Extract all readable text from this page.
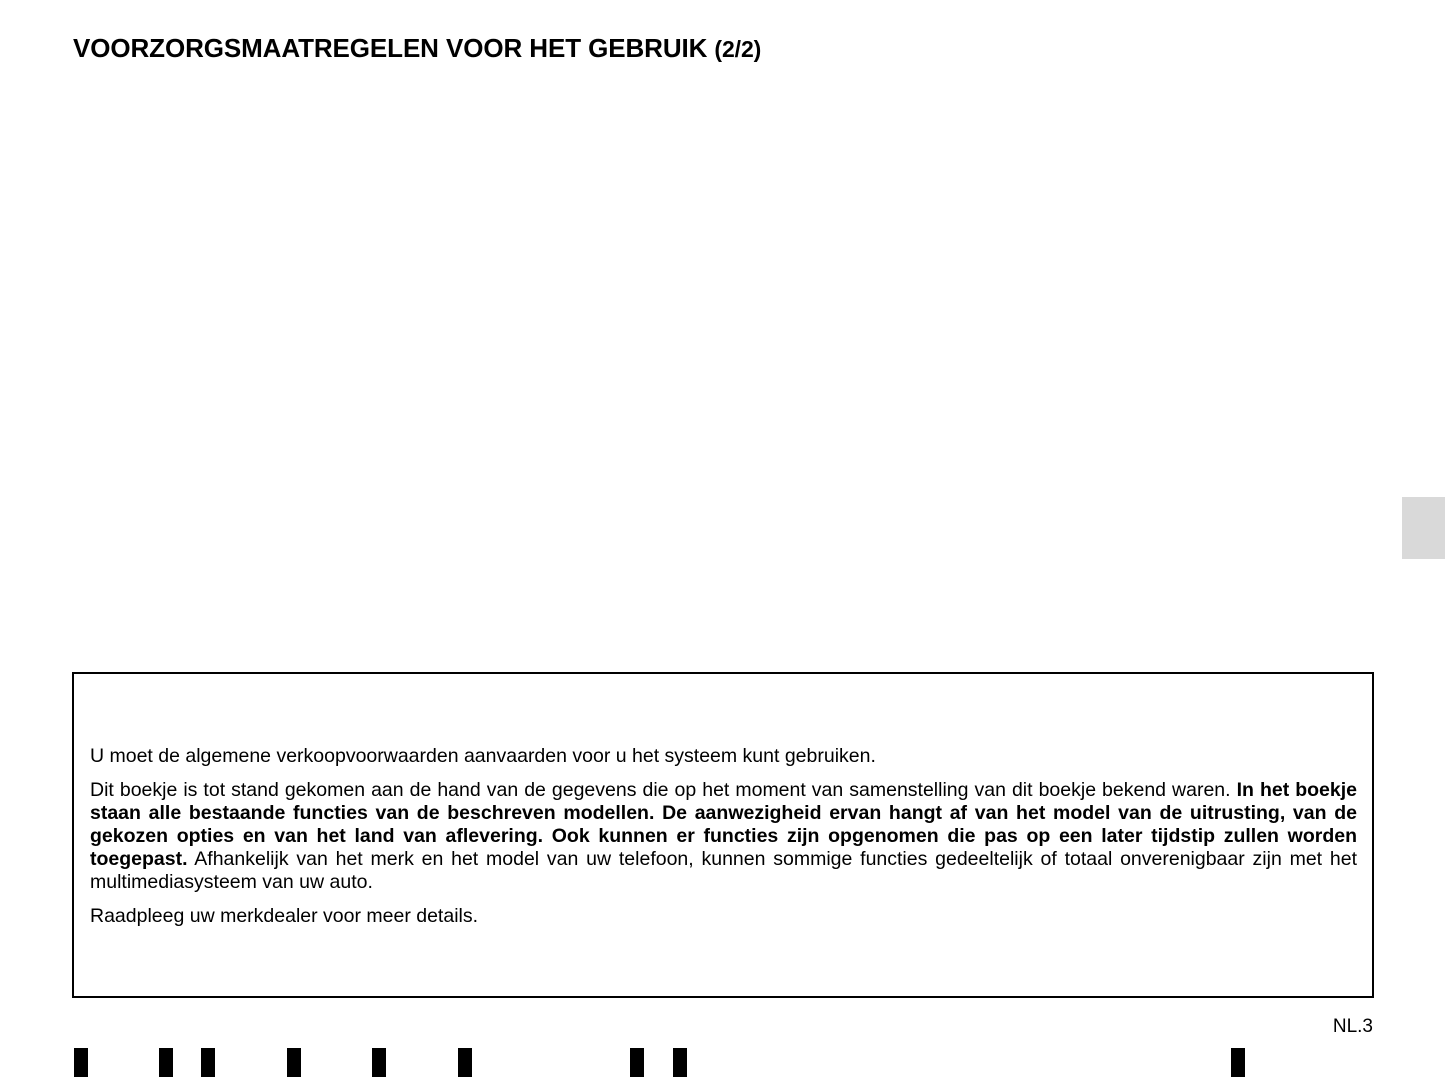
VOORZORGSMAATREGELEN VOOR HET GEBRUIK (2/2)

U moet de algemene verkoopvoorwaarden aanvaarden voor u het systeem kunt gebruiken.

Dit boekje is tot stand gekomen aan de hand van de gegevens die op het moment van samenstelling van dit boekje bekend waren. In het boekje staan alle bestaande functies van de beschreven modellen. De aanwezigheid ervan hangt af van het model van de uitrusting, van de gekozen opties en van het land van aflevering. Ook kunnen er functies zijn opgenomen die pas op een later tijdstip zullen worden toegepast. Afhankelijk van het merk en het model van uw telefoon, kunnen sommige functies gedeeltelijk of totaal onverenigbaar zijn met het multimediasysteem van uw auto.

Raadpleeg uw merkdealer voor meer details.

NL.3
